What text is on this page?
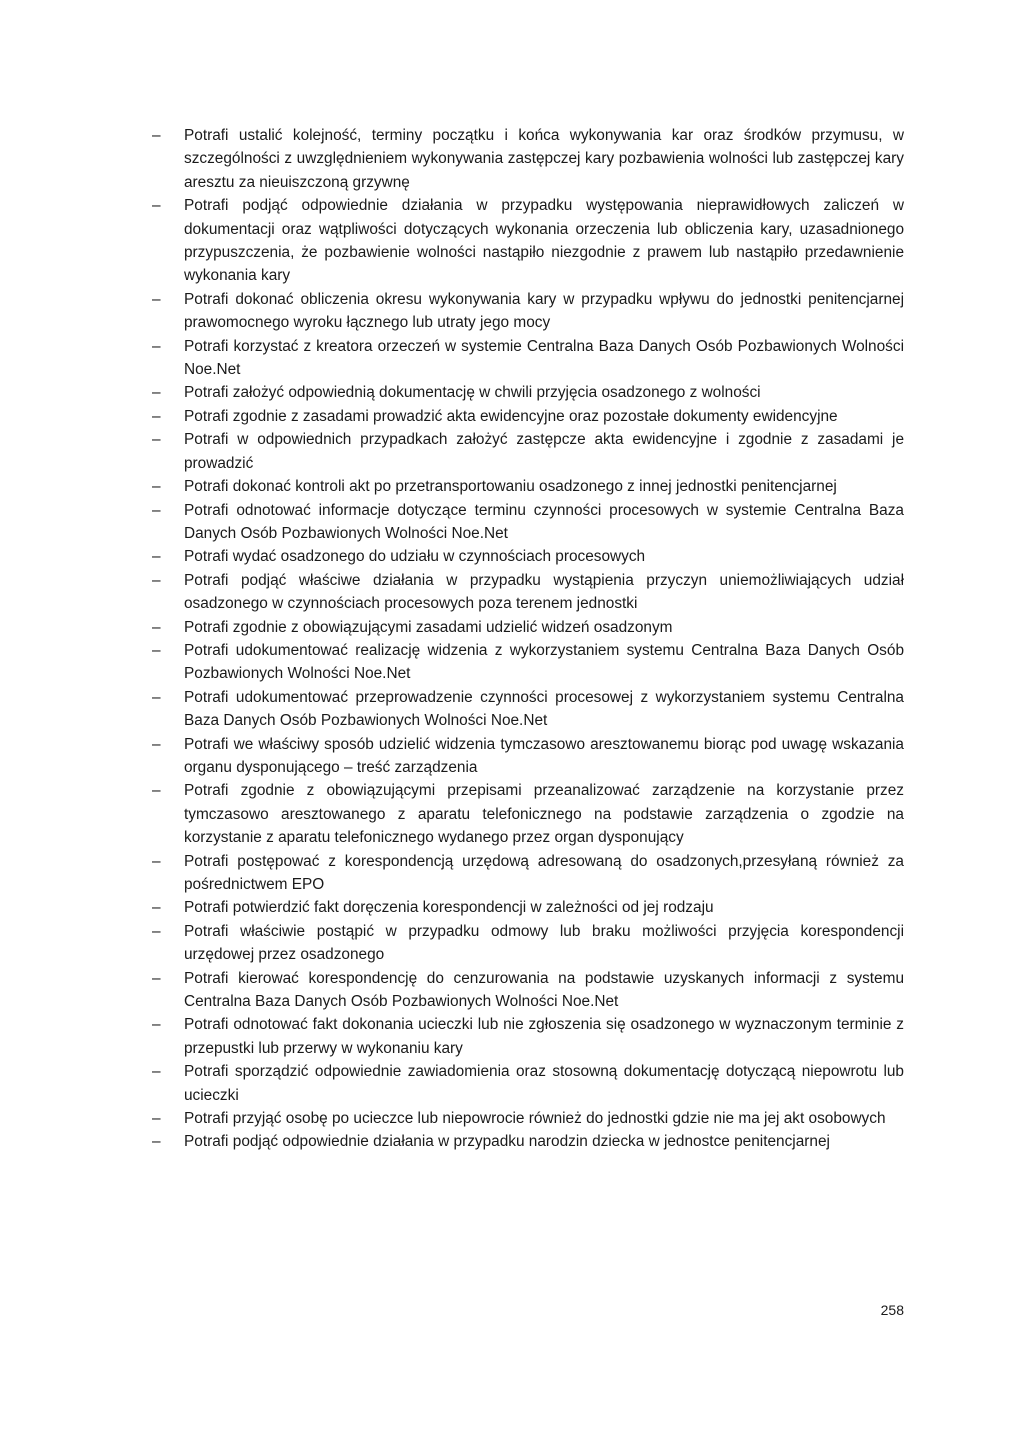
–	Potrafi ustalić kolejność, terminy początku i końca wykonywania kar oraz środków przymusu, w szczególności z uwzględnieniem wykonywania zastępczej kary pozbawienia wolności lub zastępczej kary aresztu za nieuiszczoną grzywnę
–	Potrafi podjąć odpowiednie działania w przypadku występowania nieprawidłowych zaliczeń w dokumentacji oraz wątpliwości dotyczących wykonania orzeczenia lub obliczenia kary, uzasadnionego przypuszczenia, że pozbawienie wolności nastąpiło niezgodnie z prawem lub nastąpiło przedawnienie wykonania kary
–	Potrafi dokonać obliczenia okresu wykonywania kary w przypadku wpływu do jednostki penitencjarnej prawomocnego wyroku łącznego lub utraty jego mocy
–	Potrafi korzystać z kreatora orzeczeń w systemie Centralna Baza Danych Osób Pozbawionych Wolności Noe.Net
–	Potrafi założyć odpowiednią dokumentację w chwili przyjęcia osadzonego z wolności
–	Potrafi zgodnie z zasadami prowadzić akta ewidencyjne oraz pozostałe dokumenty ewidencyjne
–	Potrafi w odpowiednich przypadkach założyć zastępcze akta ewidencyjne i zgodnie z zasadami je prowadzić
–	Potrafi dokonać kontroli akt po przetransportowaniu osadzonego z innej jednostki penitencjarnej
–	Potrafi odnotować informacje dotyczące terminu czynności procesowych w systemie Centralna Baza Danych Osób Pozbawionych Wolności Noe.Net
–	Potrafi wydać osadzonego do udziału w czynnościach procesowych
–	Potrafi podjąć właściwe działania w przypadku wystąpienia przyczyn uniemożliwiających udział osadzonego w czynnościach procesowych poza terenem jednostki
–	Potrafi zgodnie z obowiązującymi zasadami udzielić widzeń osadzonym
–	Potrafi udokumentować realizację widzenia z wykorzystaniem systemu Centralna Baza Danych Osób Pozbawionych Wolności Noe.Net
–	Potrafi udokumentować przeprowadzenie czynności procesowej z wykorzystaniem systemu Centralna Baza Danych Osób Pozbawionych Wolności Noe.Net
–	Potrafi we właściwy sposób udzielić widzenia tymczasowo aresztowanemu biorąc pod uwagę wskazania organu dysponującego – treść zarządzenia
–	Potrafi zgodnie z obowiązującymi przepisami przeanalizować zarządzenie na korzystanie przez tymczasowo aresztowanego z aparatu telefonicznego na podstawie zarządzenia o zgodzie na korzystanie z aparatu telefonicznego wydanego przez organ dysponujący
–	Potrafi postępować z korespondencją urzędową adresowaną do osadzonych,przesyłaną również za pośrednictwem EPO
–	Potrafi potwierdzić fakt doręczenia korespondencji w zależności od jej rodzaju
–	Potrafi właściwie postąpić w przypadku odmowy lub braku możliwości przyjęcia korespondencji urzędowej przez osadzonego
–	Potrafi kierować korespondencję do cenzurowania na podstawie uzyskanych informacji z systemu Centralna Baza Danych Osób Pozbawionych Wolności Noe.Net
–	Potrafi odnotować fakt dokonania ucieczki lub nie zgłoszenia się osadzonego w wyznaczonym terminie z przepustki lub przerwy w wykonaniu kary
–	Potrafi sporządzić odpowiednie zawiadomienia oraz stosowną dokumentację dotyczącą niepowrotu lub ucieczki
–	Potrafi przyjąć osobę po ucieczce lub niepowrocie również do jednostki gdzie nie ma jej akt osobowych
–	Potrafi podjąć odpowiednie działania w przypadku narodzin dziecka w jednostce penitencjarnej
258
